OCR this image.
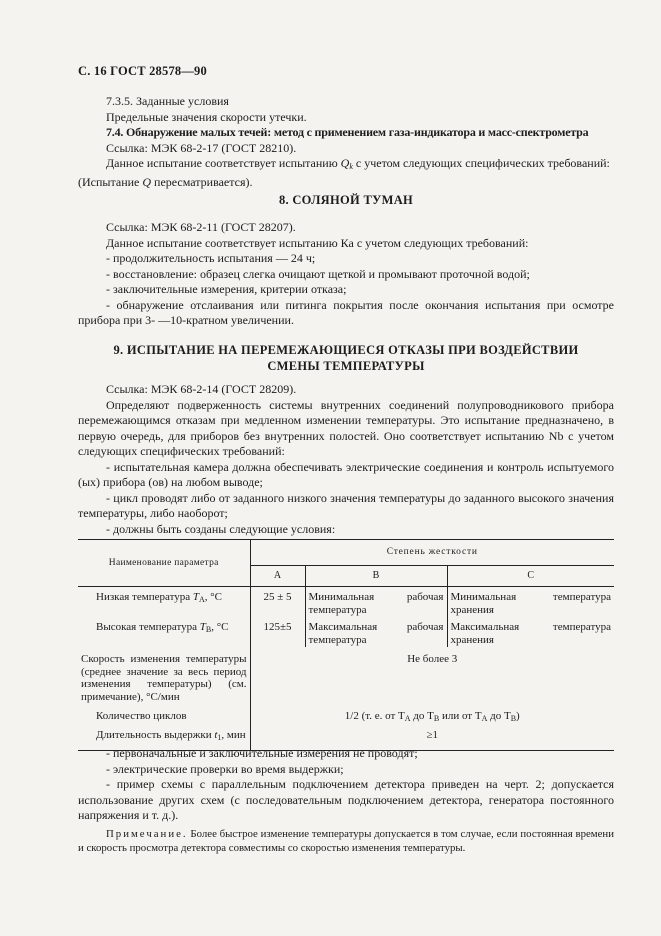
С. 16 ГОСТ 28578—90

7.3.5. Заданные условия

Предельные значения скорости утечки.

7.4. Обнаружение малых течей: метод с применением газа-индикатора и масс-спектрометра

Ссылка: МЭК 68-2-17 (ГОСТ 28210).

Данное испытание соответствует испытанию $Q_k$ с учетом следующих специфических требований:

(Испытание Q пересматривается).

8. СОЛЯНОЙ ТУМАН

Ссылка: МЭК 68-2-11 (ГОСТ 28207).

Данное испытание соответствует испытанию Ка с учетом следующих требований:

- продолжительность испытания — 24 ч;

- восстановление: образец слегка очищают щеткой и промывают проточной водой;

- заключительные измерения, критерии отказа;

- обнаружение отслаивания или питинга покрытия после окончания испытания при осмотре прибора при 3- —10-кратном увеличении.

9. ИСПЫТАНИЕ НА ПЕРЕМЕЖАЮЩИЕСЯ ОТКАЗЫ ПРИ ВОЗДЕЙСТВИИ

СМЕНЫ ТЕМПЕРАТУРЫ

Ссылка: МЭК 68-2-14 (ГОСТ 28209).

Определяют подверженность системы внутренних соединений полупроводникового прибора перемежающимся отказам при медленном изменении температуры. Это испытание предназначено, в первую очередь, для приборов без внутренних полостей. Оно соответствует испытанию Nb с учетом следующих специфических требований:

- испытательная камера должна обеспечивать электрические соединения и контроль испытуемого (ых) прибора (ов) на любом выводе;

- цикл проводят либо от заданного низкого значения температуры до заданного высокого значения температуры, либо наоборот;

- должны быть созданы следующие условия:

Наименование параметра	Степень жесткости		
	A	B	C
Низкая температура $T_A$, °C	25 ± 5	Минимальная рабочая температура	Минимальная температура хранения
Высокая температура $T_B$, °C	125±5	Максимальная рабочая температура	Максимальная температура хранения
Скорость изменения температуры (среднее значение за весь период изменения температуры) (см. примечание), °С/мин	Не более 3		
Количество циклов	1/2 (т. е. от $T_A$ до $T_B$ или от $T_A$ до $T_B$)		
Длительность выдержки $t_1$, мин	≥1		

- первоначальные и заключительные измерения не проводят;

- электрические проверки во время выдержки;

- пример схемы с параллельным подключением детектора приведен на черт. 2; допускается использование других схем (с последовательным подключением детектора, генератора постоянного напряжения и т. д.).

Примечание. Более быстрое изменение температуры допускается в том случае, если постоянная времени и скорость просмотра детектора совместимы со скоростью изменения температуры.
